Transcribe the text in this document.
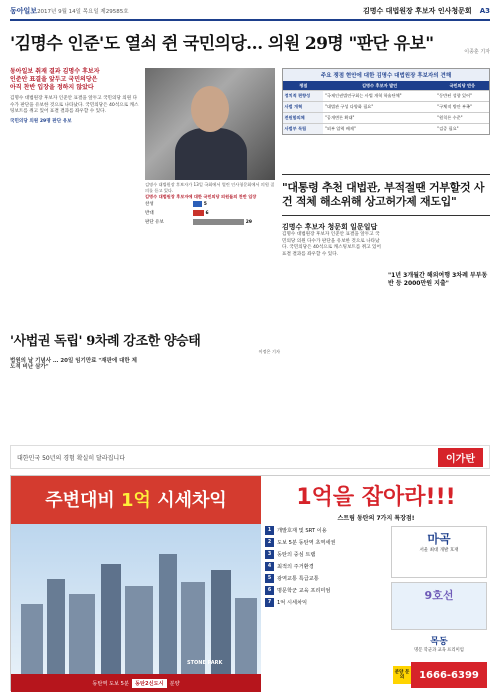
동아일보 2017년 9월 14일 목요일 제29585호	김명수 대법원장 후보자 인사청문회 A3
'김명수 인준'도 열쇠 쥔 국민의당… 의원 29명 "판단 유보"	이종훈 기자
동아일보 취재 결과 김명수 후보자
인준안 표결을 앞두고 국민의당은
아직 찬반 입장을 정하지 않았다
김명수 대법원장 후보자 인준안 표결을 앞두고 국민의당 의원 다수가 판단을 유보한 것으로 나타났다. 국민의당은 40석으로 캐스팅보트를 쥐고 있어 표결 결과를 좌우할 수 있다.
국민의당 의원 29명 판단 유보
김명수 대법원장 후보자가 13일 국회에서 열린 인사청문회에서 의원 질의를 듣고 있다.
김명수 대법원장 후보자에 대한 국민의당 의원들의 찬반 입장
찬성	5
반대	6
판단 유보	29
주요 쟁점 현안에 대한 김명수 대법원장 후보자의 견해
쟁점	김명수 후보자 발언	국민의당 반응
정치적 편향성	"국제인권법연구회는 사법 개혁 학술단체"	"동반된 성향 있어"
사법 개혁	"대법관 구성 다양화 필요"	"구체적 방안 부족"
전원합의체	"공개변론 확대"	"원칙론 수준"
사법부 독립	"외부 압력 배제"	"검증 필요"
"대통령 추천 대법관, 부적절땐 거부할것 사건 적체 해소위해 상고허가제 재도입"
김명수 후보자 청문회 일문일답
김명수 대법원장 후보자 인준안 표결을 앞두고 국민의당 의원 다수가 판단을 유보한 것으로 나타났다. 국민의당은 40석으로 캐스팅보트를 쥐고 있어 표결 결과를 좌우할 수 있다.
"1년 3개월간 해외여행 3차례 부부동반 등 2000만원 지출"
'사법권 독립' 9차례 강조한 양승태
이정은 기자
법원의 날 기념사 … 20일 임기만료 "재판에 대한 제도적 비난 삼가"
대한민국 50년의 경험 확실히 달라집니다	이가탄
주변대비 1억 시세차익
STONE PARK
동탄역 도보 5분	동탄2신도시	분양
1억을 잡아라!!!
스트림 동탄의 7가지 특장점!
1	개발호재 및 SRT 이용
2	도보 5분 동탄역 초역세권
3	동탄의 중심 트램
4	최적의 주거환경
5	광역교통 특급교통
6	명문학군 교육 프리미엄
7	1억 시세차익
마곡
서울 최대 개발 호재
9호선
목동
명문 학군과 교육 프리미엄
분양 문의	1666-6399
